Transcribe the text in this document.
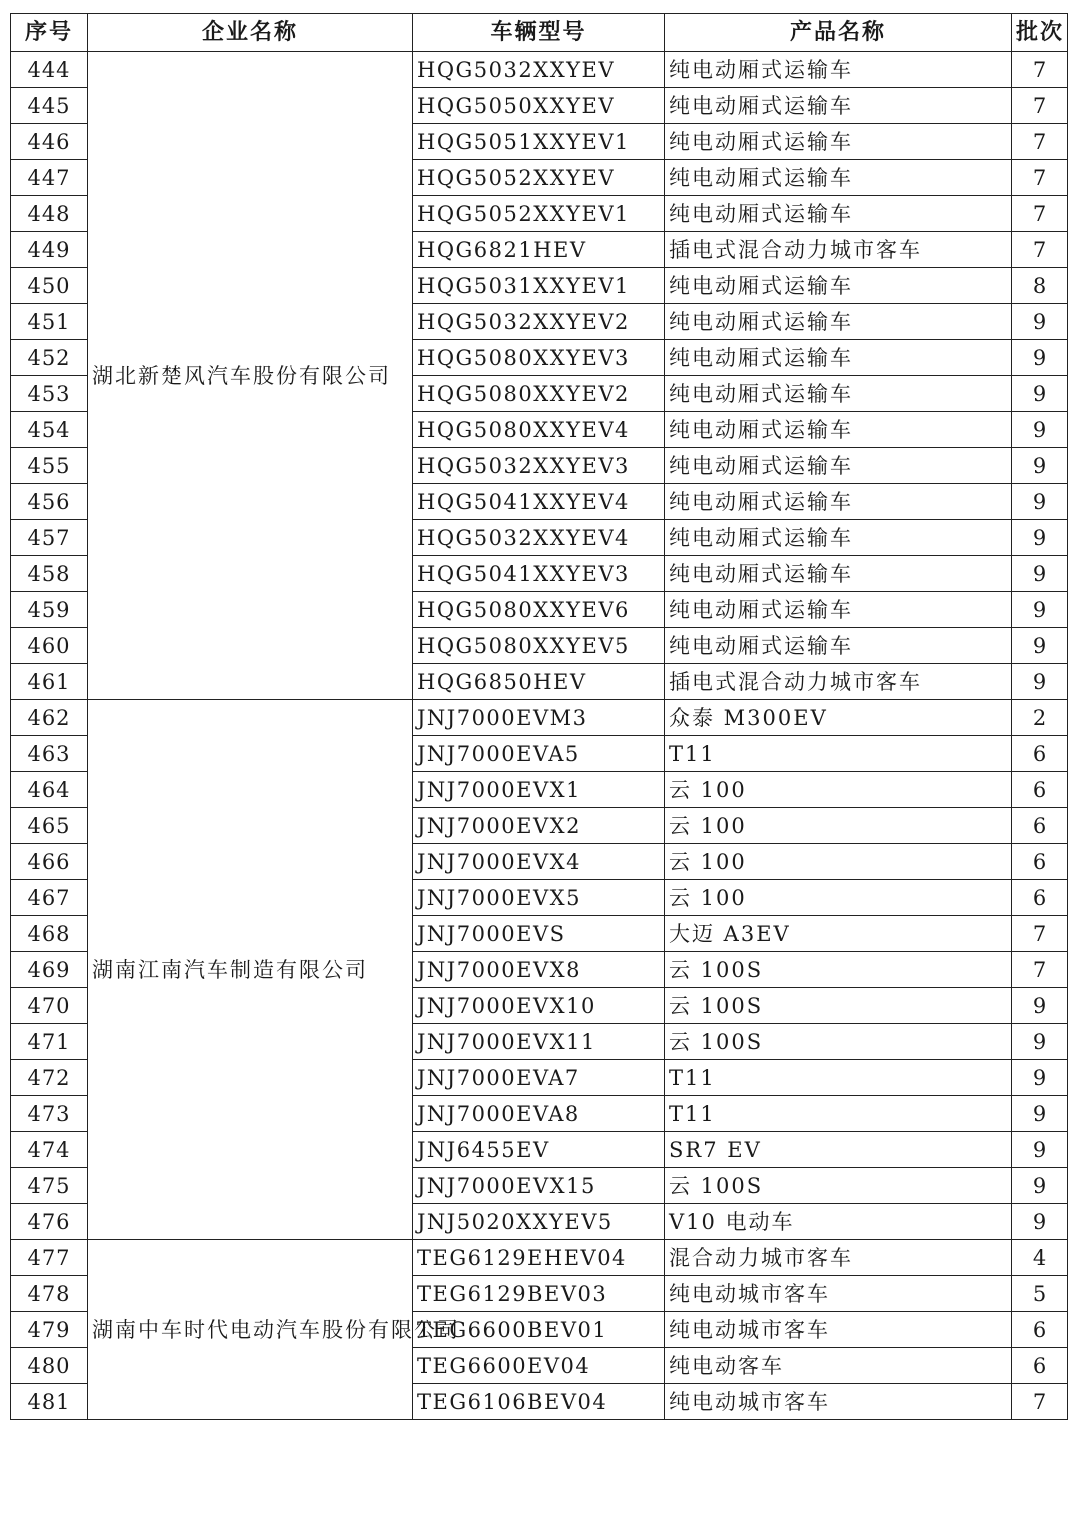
序号	企业名称	车辆型号	产品名称	批次
444	湖北新楚风汽车股份有限公司	HQG5032XXYEV	纯电动厢式运输车	7
445		HQG5050XXYEV	纯电动厢式运输车	7
446		HQG5051XXYEV1	纯电动厢式运输车	7
447		HQG5052XXYEV	纯电动厢式运输车	7
448		HQG5052XXYEV1	纯电动厢式运输车	7
449		HQG6821HEV	插电式混合动力城市客车	7
450		HQG5031XXYEV1	纯电动厢式运输车	8
451		HQG5032XXYEV2	纯电动厢式运输车	9
452		HQG5080XXYEV3	纯电动厢式运输车	9
453		HQG5080XXYEV2	纯电动厢式运输车	9
454		HQG5080XXYEV4	纯电动厢式运输车	9
455		HQG5032XXYEV3	纯电动厢式运输车	9
456		HQG5041XXYEV4	纯电动厢式运输车	9
457		HQG5032XXYEV4	纯电动厢式运输车	9
458		HQG5041XXYEV3	纯电动厢式运输车	9
459		HQG5080XXYEV6	纯电动厢式运输车	9
460		HQG5080XXYEV5	纯电动厢式运输车	9
461		HQG6850HEV	插电式混合动力城市客车	9
462	湖南江南汽车制造有限公司	JNJ7000EVM3	众泰 M300EV	2
463		JNJ7000EVA5	T11	6
464		JNJ7000EVX1	云 100	6
465		JNJ7000EVX2	云 100	6
466		JNJ7000EVX4	云 100	6
467		JNJ7000EVX5	云 100	6
468		JNJ7000EVS	大迈 A3EV	7
469		JNJ7000EVX8	云 100S	7
470		JNJ7000EVX10	云 100S	9
471		JNJ7000EVX11	云 100S	9
472		JNJ7000EVA7	T11	9
473		JNJ7000EVA8	T11	9
474		JNJ6455EV	SR7 EV	9
475		JNJ7000EVX15	云 100S	9
476		JNJ5020XXYEV5	V10 电动车	9
477	湖南中车时代电动汽车股份有限公司	TEG6129EHEV04	混合动力城市客车	4
478		TEG6129BEV03	纯电动城市客车	5
479		TEG6600BEV01	纯电动城市客车	6
480		TEG6600EV04	纯电动客车	6
481		TEG6106BEV04	纯电动城市客车	7
